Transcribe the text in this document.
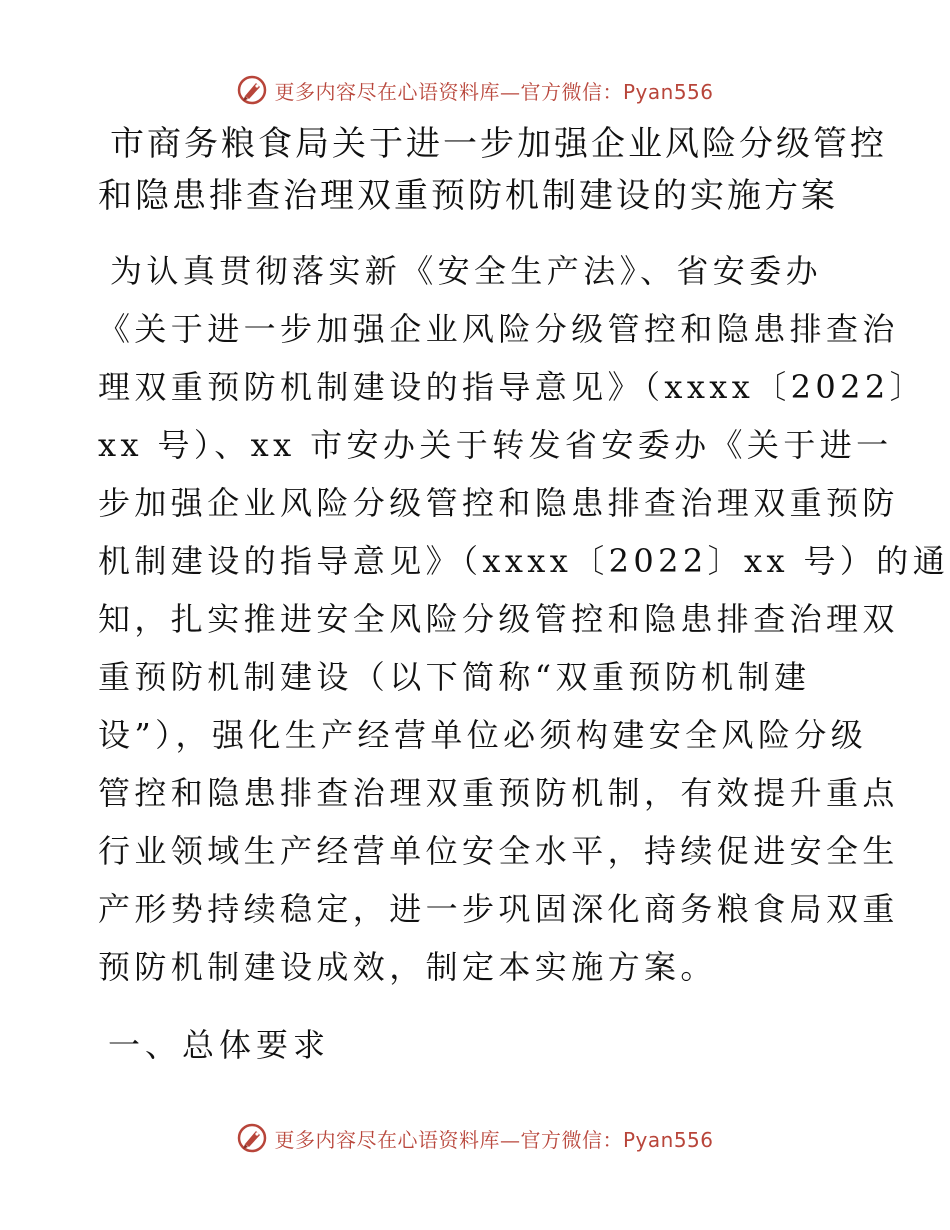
更多内容尽在心语资料库—官方微信：Pyan556
市商务粮食局关于进一步加强企业风险分级管控
和隐患排查治理双重预防机制建设的实施方案
为认真贯彻落实新《安全生产法》、省安委办
《关于进一步加强企业风险分级管控和隐患排查治
理双重预防机制建设的指导意见》（xxxx〔2022〕
xx 号）、xx 市安办关于转发省安委办《关于进一
步加强企业风险分级管控和隐患排查治理双重预防
机制建设的指导意见》（xxxx〔2022〕xx 号）的通
知，扎实推进安全风险分级管控和隐患排查治理双
重预防机制建设（以下简称“双重预防机制建
设”），强化生产经营单位必须构建安全风险分级
管控和隐患排查治理双重预防机制，有效提升重点
行业领域生产经营单位安全水平，持续促进安全生
产形势持续稳定，进一步巩固深化商务粮食局双重
预防机制建设成效，制定本实施方案。
一、总体要求
更多内容尽在心语资料库—官方微信：Pyan556
